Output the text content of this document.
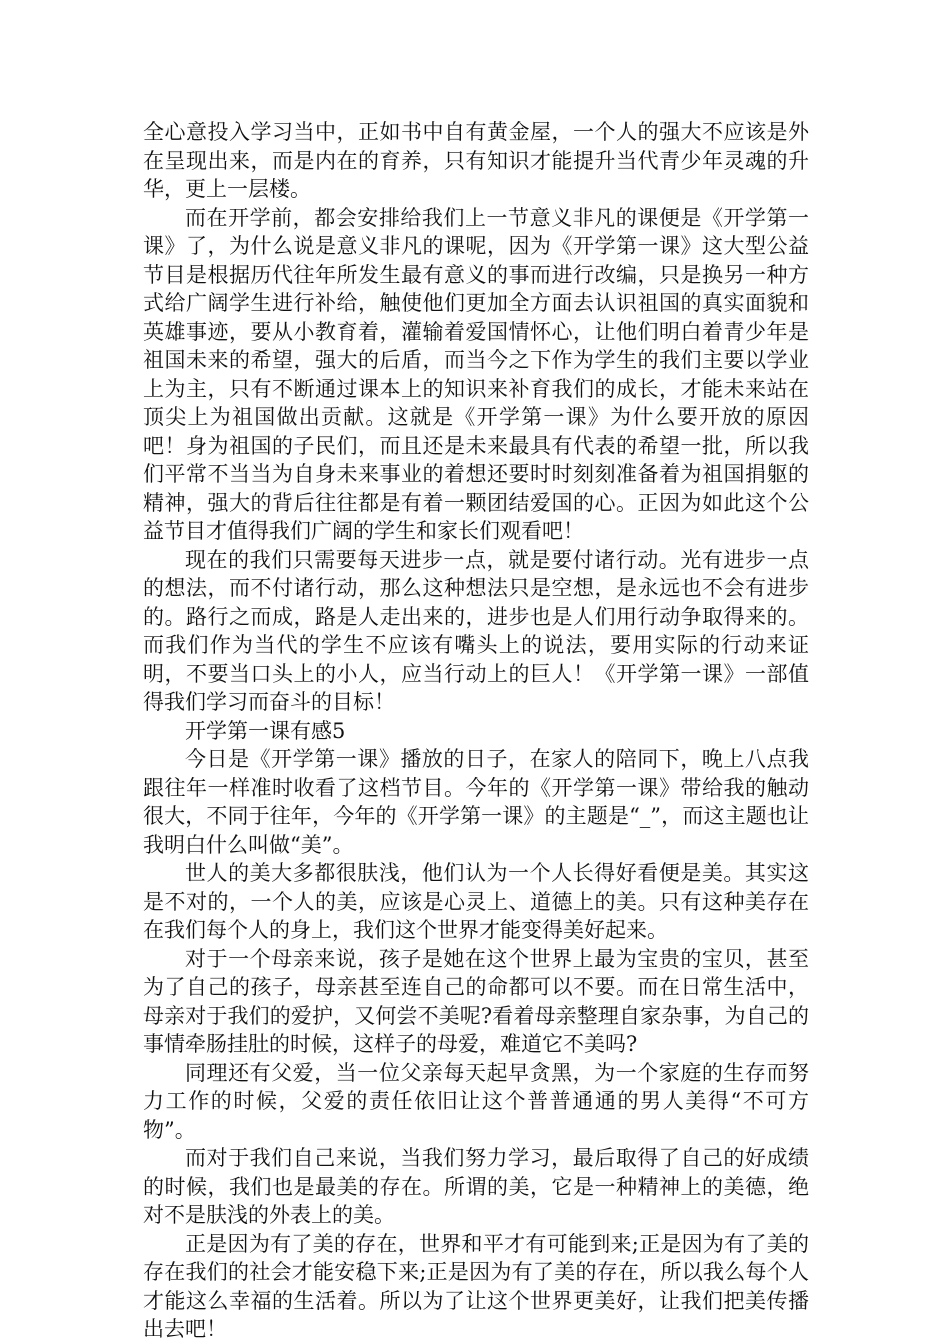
全心意投入学习当中，正如书中自有黄金屋，一个人的强大不应该是外在呈现出来，而是内在的育养，只有知识才能提升当代青少年灵魂的升华，更上一层楼。

而在开学前，都会安排给我们上一节意义非凡的课便是《开学第一课》了，为什么说是意义非凡的课呢，因为《开学第一课》这大型公益节目是根据历代往年所发生最有意义的事而进行改编，只是换另一种方式给广阔学生进行补给，触使他们更加全方面去认识祖国的真实面貌和英雄事迹，要从小教育着，灌输着爱国情怀心，让他们明白着青少年是祖国未来的希望，强大的后盾，而当今之下作为学生的我们主要以学业上为主，只有不断通过课本上的知识来补育我们的成长，才能未来站在顶尖上为祖国做出贡献。这就是《开学第一课》为什么要开放的原因吧！身为祖国的子民们，而且还是未来最具有代表的希望一批，所以我们平常不当当为自身未来事业的着想还要时时刻刻准备着为祖国捐躯的精神，强大的背后往往都是有着一颗团结爱国的心。正因为如此这个公益节目才值得我们广阔的学生和家长们观看吧！

现在的我们只需要每天进步一点，就是要付诸行动。光有进步一点的想法，而不付诸行动，那么这种想法只是空想，是永远也不会有进步的。路行之而成，路是人走出来的，进步也是人们用行动争取得来的。而我们作为当代的学生不应该有嘴头上的说法，要用实际的行动来证明，不要当口头上的小人，应当行动上的巨人！《开学第一课》一部值得我们学习而奋斗的目标！

开学第一课有感5

今日是《开学第一课》播放的日子，在家人的陪同下，晚上八点我跟往年一样准时收看了这档节目。今年的《开学第一课》带给我的触动很大，不同于往年，今年的《开学第一课》的主题是“_”，而这主题也让我明白什么叫做“美”。

世人的美大多都很肤浅，他们认为一个人长得好看便是美。其实这是不对的，一个人的美，应该是心灵上、道德上的美。只有这种美存在在我们每个人的身上，我们这个世界才能变得美好起来。

对于一个母亲来说，孩子是她在这个世界上最为宝贵的宝贝，甚至为了自己的孩子，母亲甚至连自己的命都可以不要。而在日常生活中，母亲对于我们的爱护，又何尝不美呢?看着母亲整理自家杂事，为自己的事情牵肠挂肚的时候，这样子的母爱，难道它不美吗?

同理还有父爱，当一位父亲每天起早贪黑，为一个家庭的生存而努力工作的时候，父爱的责任依旧让这个普普通通的男人美得“不可方物”。

而对于我们自己来说，当我们努力学习，最后取得了自己的好成绩的时候，我们也是最美的存在。所谓的美，它是一种精神上的美德，绝对不是肤浅的外表上的美。

正是因为有了美的存在，世界和平才有可能到来;正是因为有了美的存在我们的社会才能安稳下来;正是因为有了美的存在，所以我么每个人才能这么幸福的生活着。所以为了让这个世界更美好，让我们把美传播出去吧！
